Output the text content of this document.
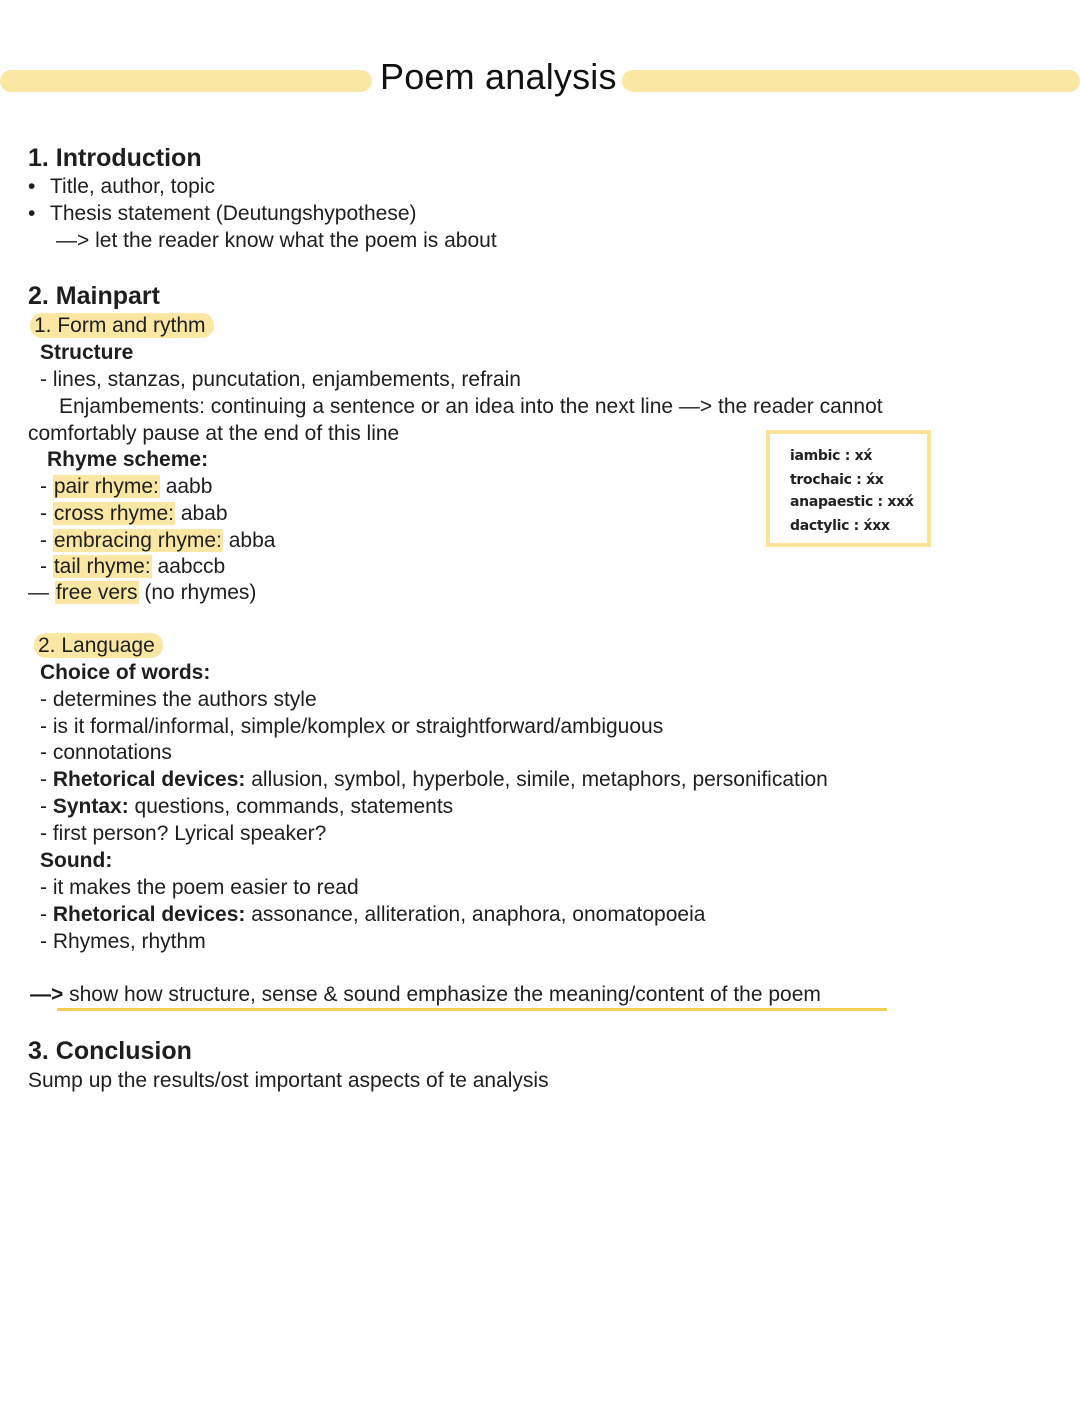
Poem analysis
1. Introduction
• Title, author, topic
• Thesis statement (Deutungshypothese)
—> let the reader know what the poem is about
2. Mainpart
1. Form and rythm
Structure
- lines, stanzas, puncutation, enjambements, refrain
Enjambements: continuing a sentence or an idea into the next line —> the reader cannot
comfortably pause at the end of this line
Rhyme scheme:
- pair rhyme: aabb
- cross rhyme: abab
- embracing rhyme: abba
- tail rhyme: aabccb
— free vers (no rhymes)
iambic : xx́
trochaic : x́x
anapaestic : xxx́
dactylic : x́xx
2. Language
Choice of words:
- determines the authors style
- is it formal/informal, simple/komplex or straightforward/ambiguous
- connotations
- Rhetorical devices: allusion, symbol, hyperbole, simile, metaphors, personification
- Syntax: questions, commands, statements
- first person? Lyrical speaker?
Sound:
- it makes the poem easier to read
- Rhetorical devices: assonance, alliteration, anaphora, onomatopoeia
- Rhymes, rhythm
—> show how structure, sense & sound emphasize the meaning/content of the poem
3. Conclusion
Sump up the results/ost important aspects of te analysis
